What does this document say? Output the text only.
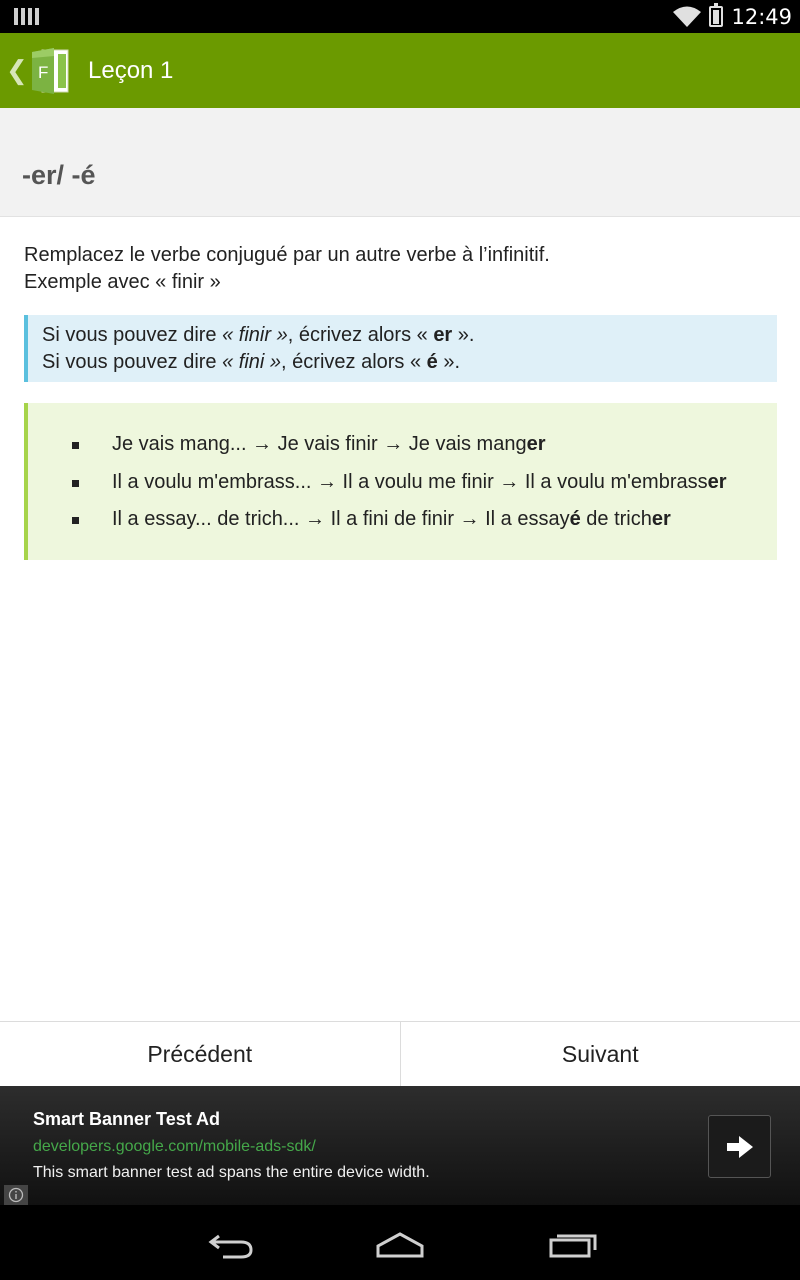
12:49
❮ F Leçon 1
-er/ -é
Remplacez le verbe conjugué par un autre verbe à l’infinitif.
Exemple avec « finir »
Si vous pouvez dire « finir », écrivez alors « er ».
Si vous pouvez dire « fini », écrivez alors « é ».
Je vais mang... → Je vais finir → Je vais manger
Il a voulu m'embrass... → Il a voulu me finir → Il a voulu m'embrasser
Il a essay... de trich... → Il a fini de finir → Il a essayé de tricher
Précédent	Suivant
Smart Banner Test Ad
developers.google.com/mobile-ads-sdk/
This smart banner test ad spans the entire device width.
